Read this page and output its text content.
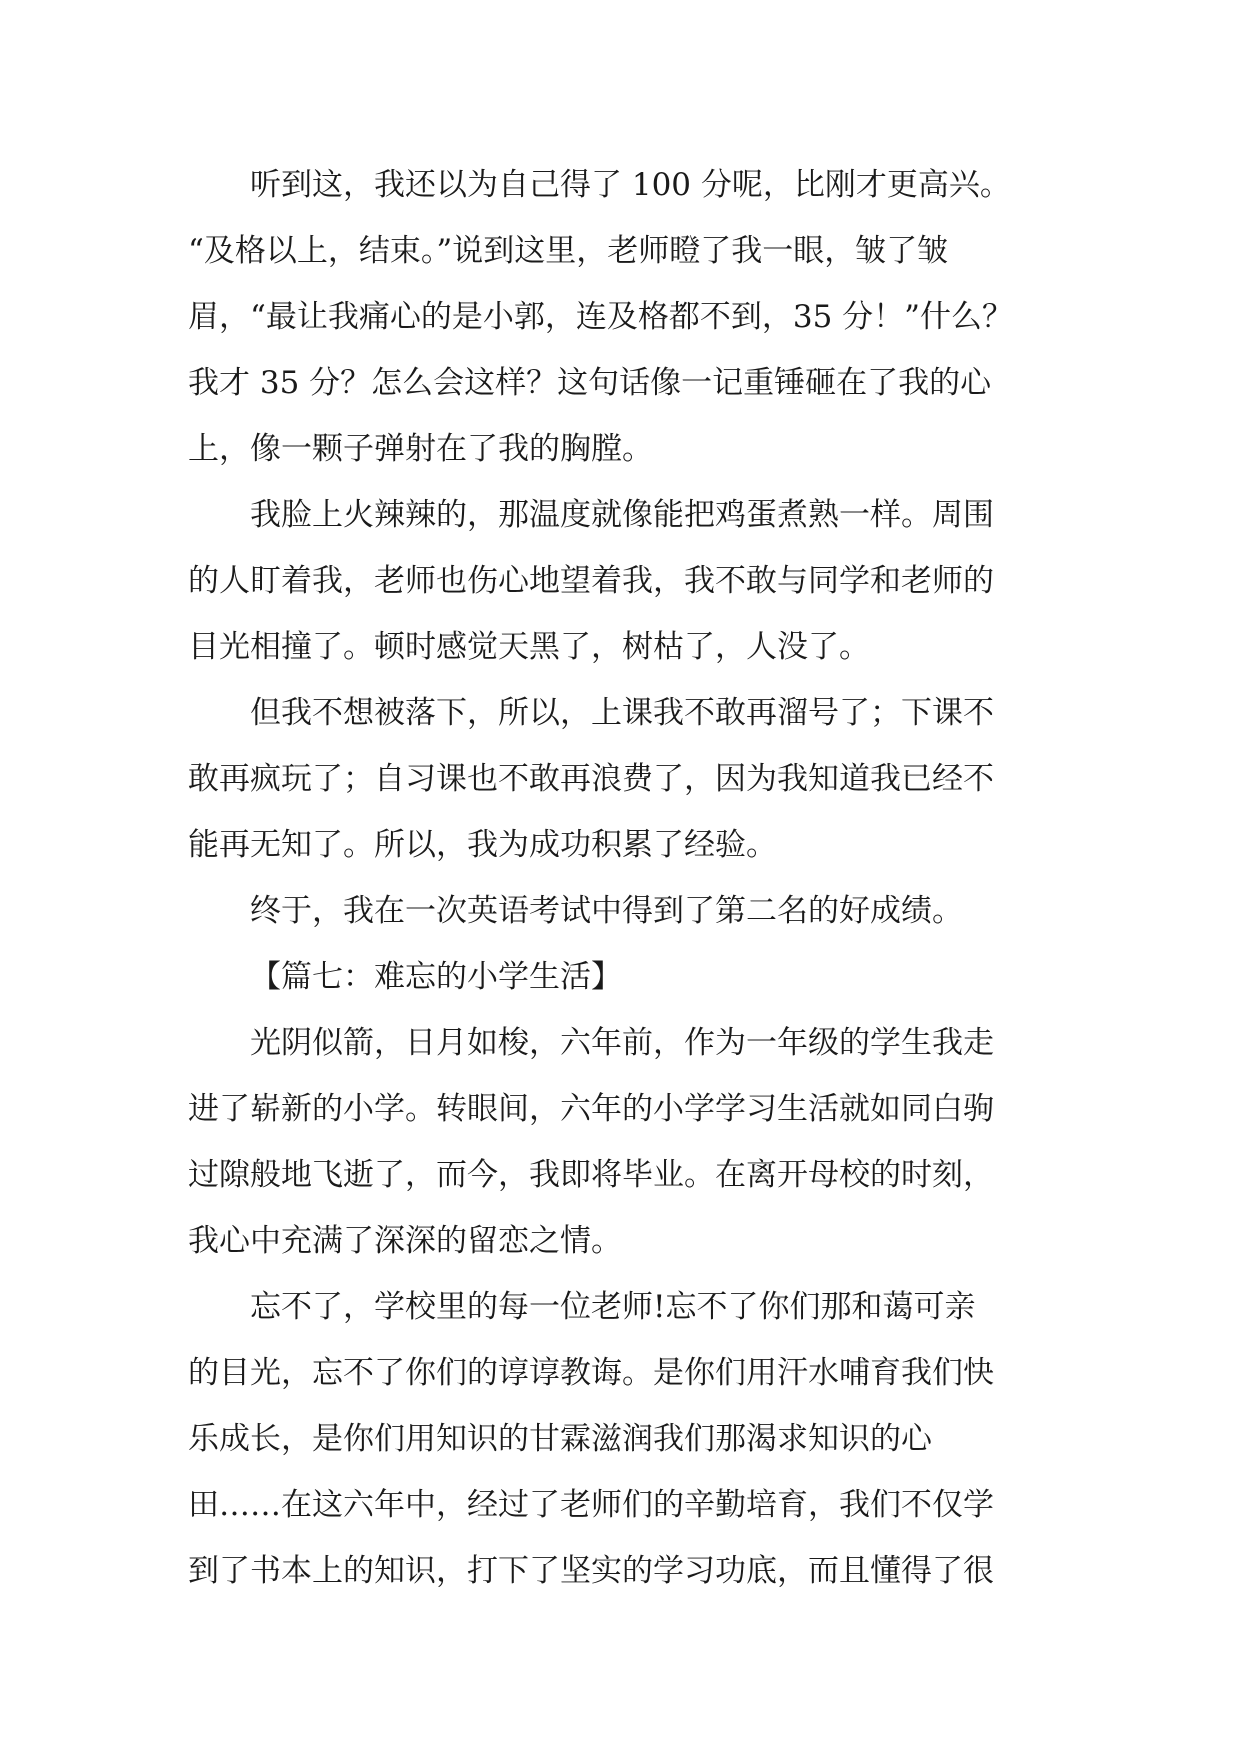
　　听到这，我还以为自己得了 100 分呢，比刚才更高兴。
“及格以上，结束。”说到这里，老师瞪了我一眼，皱了皱
眉，“最让我痛心的是小郭，连及格都不到，35 分！”什么？
我才 35 分？怎么会这样？这句话像一记重锤砸在了我的心
上，像一颗子弹射在了我的胸膛。
　　我脸上火辣辣的，那温度就像能把鸡蛋煮熟一样。周围
的人盯着我，老师也伤心地望着我，我不敢与同学和老师的
目光相撞了。顿时感觉天黑了，树枯了，人没了。
　　但我不想被落下，所以，上课我不敢再溜号了；下课不
敢再疯玩了；自习课也不敢再浪费了，因为我知道我已经不
能再无知了。所以，我为成功积累了经验。
　　终于，我在一次英语考试中得到了第二名的好成绩。
【篇七：难忘的小学生活】
　　光阴似箭，日月如梭，六年前，作为一年级的学生我走
进了崭新的小学。转眼间，六年的小学学习生活就如同白驹
过隙般地飞逝了，而今，我即将毕业。在离开母校的时刻，
我心中充满了深深的留恋之情。
　　忘不了，学校里的每一位老师!忘不了你们那和蔼可亲
的目光，忘不了你们的谆谆教诲。是你们用汗水哺育我们快
乐成长，是你们用知识的甘霖滋润我们那渴求知识的心
田……在这六年中，经过了老师们的辛勤培育，我们不仅学
到了书本上的知识，打下了坚实的学习功底，而且懂得了很
